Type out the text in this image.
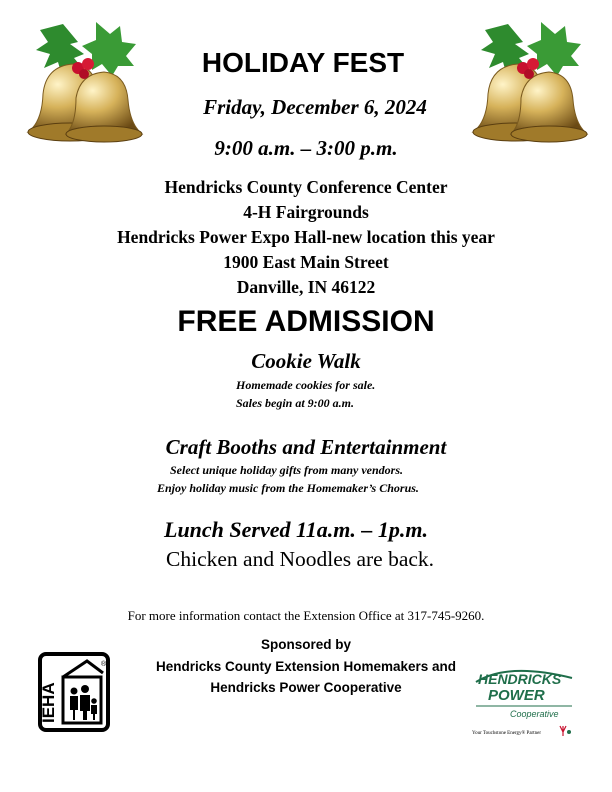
HOLIDAY FEST
Friday, December 6, 2024
9:00 a.m. – 3:00 p.m.
Hendricks County Conference Center
4-H Fairgrounds
Hendricks Power Expo Hall-new location this year
1900 East Main Street
Danville, IN 46122
FREE ADMISSION
Cookie Walk
Homemade cookies for sale.
Sales begin at 9:00 a.m.
Craft Booths and Entertainment
Select unique holiday gifts from many vendors.
Enjoy holiday music from the Homemaker’s Chorus.
Lunch Served 11a.m. – 1p.m.
Chicken and Noodles are back.
For more information contact the Extension Office at 317-745-9260.
Sponsored by
Hendricks County Extension Homemakers and
Hendricks Power Cooperative
IEHA
®
HENDRICKS
POWER
Cooperative
Your Touchstone Energy® Partner
